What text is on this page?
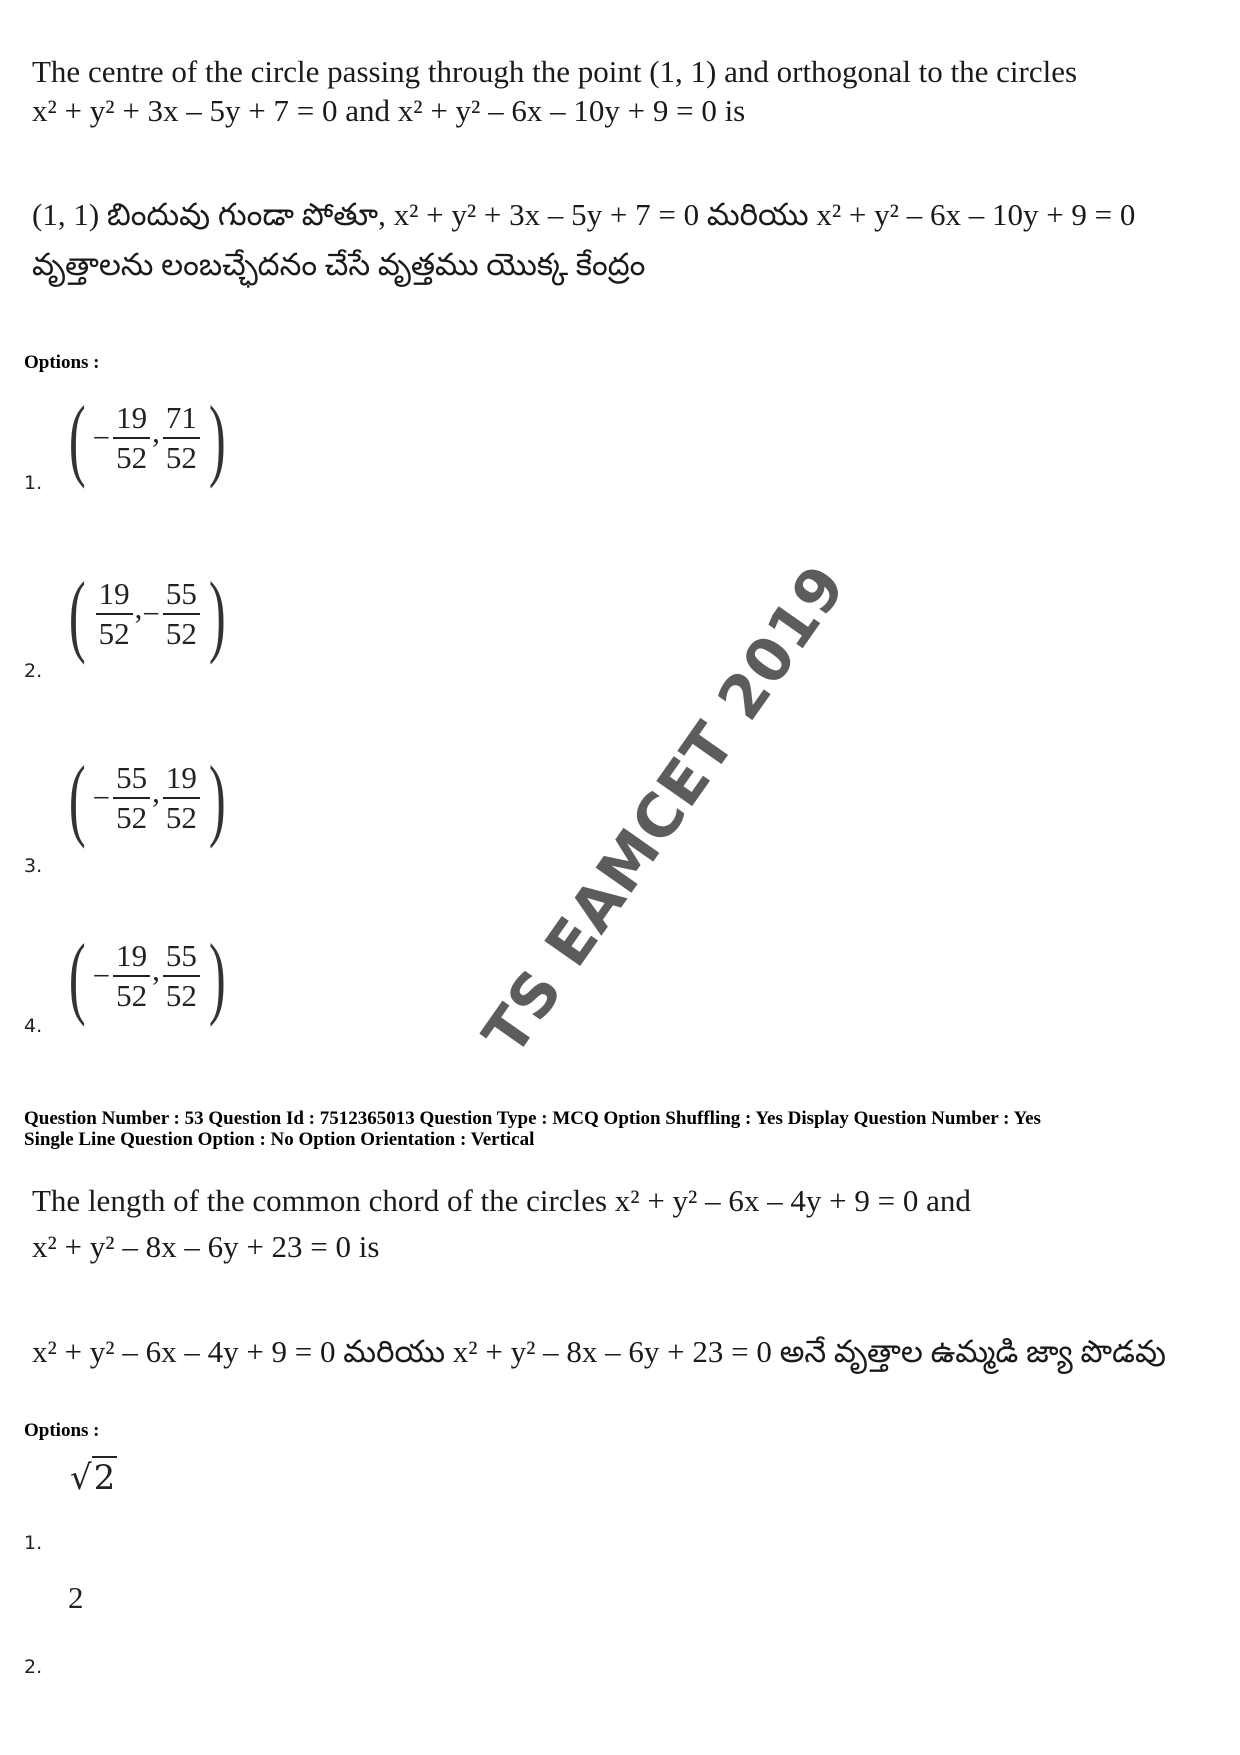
The centre of the circle passing through the point (1, 1) and orthogonal to the circles
x² + y² + 3x – 5y + 7 = 0 and x² + y² – 6x – 10y + 9 = 0 is
(1, 1) బిందువు గుండా పోతూ, x² + y² + 3x – 5y + 7 = 0 మరియు x² + y² – 6x – 10y + 9 = 0
వృత్తాలను లంబచ్ఛేదనం చేసే వృత్తము యొక్క కేంద్రం
Options :
( − $\frac{19}{52}$ , $\frac{71}{52}$ )
1.
( $\frac{19}{52}$ , − $\frac{55}{52}$ )
2.
( − $\frac{55}{52}$ , $\frac{19}{52}$ )
3.
( − $\frac{19}{52}$ , $\frac{55}{52}$ )
4.	TS EAMCET 2019
Question Number : 53 Question Id : 7512365013 Question Type : MCQ Option Shuffling : Yes Display Question Number : Yes
Single Line Question Option : No Option Orientation : Vertical
The length of the common chord of the circles x² + y² – 6x – 4y + 9 = 0 and
x² + y² – 8x – 6y + 23 = 0 is
x² + y² – 6x – 4y + 9 = 0 మరియు x² + y² – 8x – 6y + 23 = 0 అనే వృత్తాల ఉమ్మడి జ్యా పొడవు
Options :
√2
1.
2
2.
